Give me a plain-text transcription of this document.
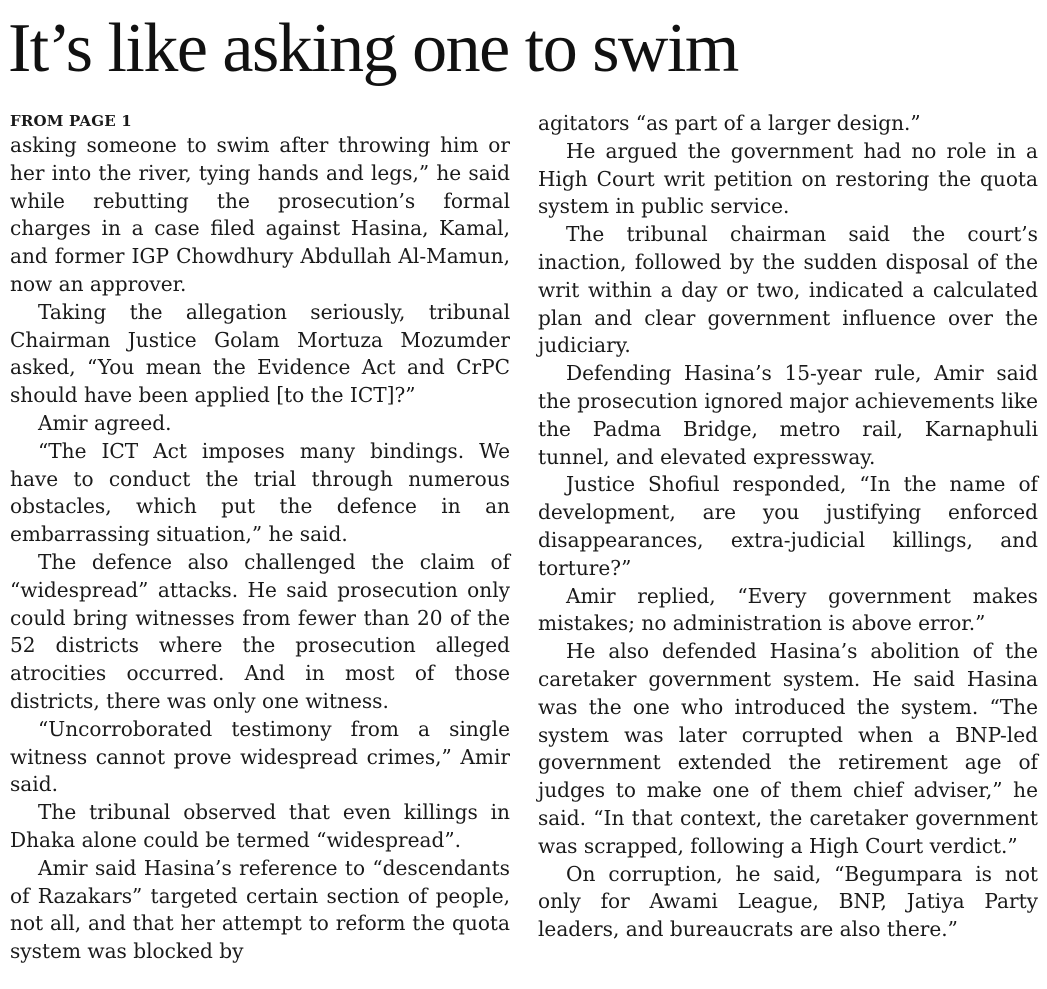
It’s like asking one to swim
FROM PAGE 1

asking someone to swim after throwing him or her into the river, tying hands and legs,” he said while rebutting the prosecution’s formal charges in a case filed against Hasina, Kamal, and former IGP Chowdhury Abdullah Al-Mamun, now an approver.

Taking the allegation seriously, tribunal Chairman Justice Golam Mortuza Mozumder asked, “You mean the Evidence Act and CrPC should have been applied [to the ICT]?”

Amir agreed.

“The ICT Act imposes many bindings. We have to conduct the trial through numerous obstacles, which put the defence in an embarrassing situation,” he said.

The defence also challenged the claim of “widespread” attacks. He said prosecution only could bring witnesses from fewer than 20 of the 52 districts where the prosecution alleged atrocities occurred. And in most of those districts, there was only one witness.

“Uncorroborated testimony from a single witness cannot prove widespread crimes,” Amir said.

The tribunal observed that even killings in Dhaka alone could be termed “widespread”.

Amir said Hasina’s reference to “descendants of Razakars” targeted certain section of people, not all, and that her attempt to reform the quota system was blocked by

agitators “as part of a larger design.”

He argued the government had no role in a High Court writ petition on restoring the quota system in public service.

The tribunal chairman said the court’s inaction, followed by the sudden disposal of the writ within a day or two, indicated a calculated plan and clear government influence over the judiciary.

Defending Hasina’s 15-year rule, Amir said the prosecution ignored major achievements like the Padma Bridge, metro rail, Karnaphuli tunnel, and elevated expressway.

Justice Shofiul responded, “In the name of development, are you justifying enforced disappearances, extra-judicial killings, and torture?”

Amir replied, “Every government makes mistakes; no administration is above error.”

He also defended Hasina’s abolition of the caretaker government system. He said Hasina was the one who introduced the system. “The system was later corrupted when a BNP-led government extended the retirement age of judges to make one of them chief adviser,” he said. “In that context, the caretaker government was scrapped, following a High Court verdict.”

On corruption, he said, “Begumpara is not only for Awami League, BNP, Jatiya Party leaders, and bureaucrats are also there.”
